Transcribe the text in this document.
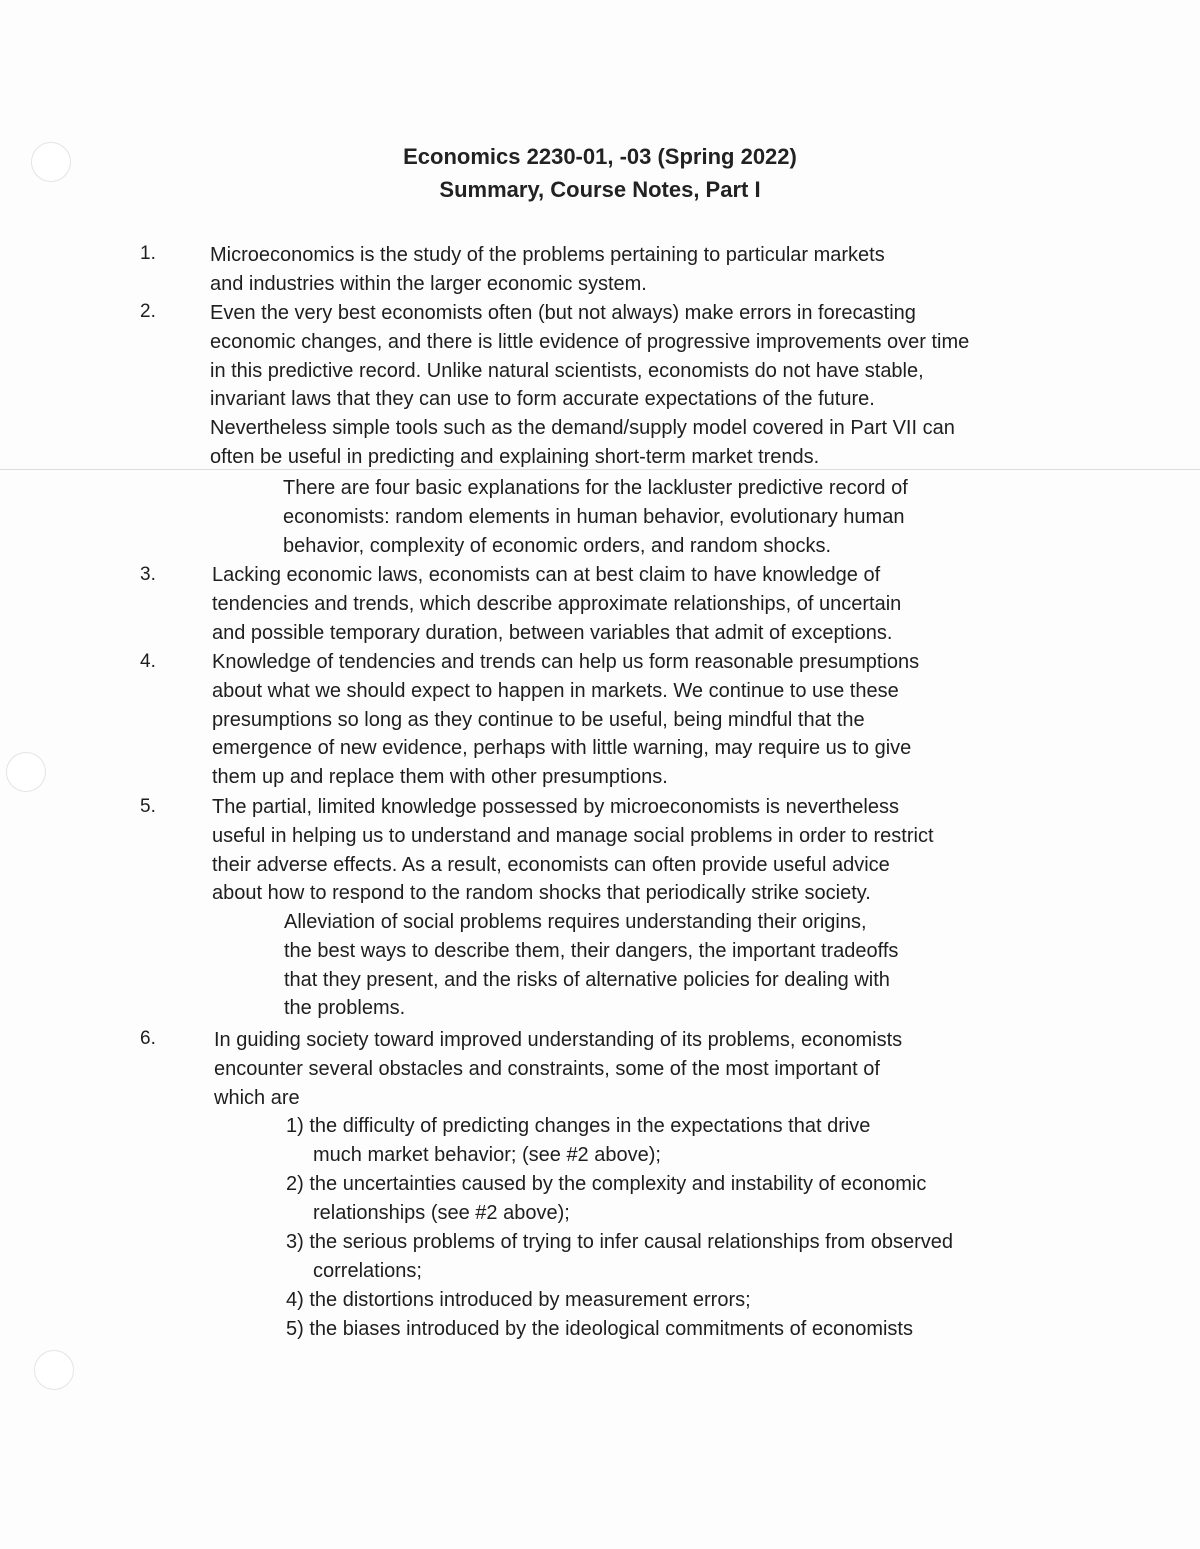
Economics 2230-01, -03 (Spring 2022)
Summary, Course Notes, Part I
1.	Microeconomics is the study of the problems pertaining to particular markets
and industries within the larger economic system.
2.	Even the very best economists often (but not always) make errors in forecasting
economic changes, and there is little evidence of progressive improvements over time
in this predictive record. Unlike natural scientists, economists do not have stable,
invariant laws that they can use to form accurate expectations of the future.
Nevertheless simple tools such as the demand/supply model covered in Part VII can
often be useful in predicting and explaining short-term market trends.
There are four basic explanations for the lackluster predictive record of
economists: random elements in human behavior, evolutionary human
behavior, complexity of economic orders, and random shocks.
3.	Lacking economic laws, economists can at best claim to have knowledge of
tendencies and trends, which describe approximate relationships, of uncertain
and possible temporary duration, between variables that admit of exceptions.
4.	Knowledge of tendencies and trends can help us form reasonable presumptions
about what we should expect to happen in markets. We continue to use these
presumptions so long as they continue to be useful, being mindful that the
emergence of new evidence, perhaps with little warning, may require us to give
them up and replace them with other presumptions.
5.	The partial, limited knowledge possessed by microeconomists is nevertheless
useful in helping us to understand and manage social problems in order to restrict
their adverse effects. As a result, economists can often provide useful advice
about how to respond to the random shocks that periodically strike society.
Alleviation of social problems requires understanding their origins,
the best ways to describe them, their dangers, the important tradeoffs
that they present, and the risks of alternative policies for dealing with
the problems.
6.	In guiding society toward improved understanding of its problems, economists
encounter several obstacles and constraints, some of the most important of
which are
1) the difficulty of predicting changes in the expectations that drive
much market behavior; (see #2 above);
2) the uncertainties caused by the complexity and instability of economic
relationships (see #2 above);
3) the serious problems of trying to infer causal relationships from observed
correlations;
4) the distortions introduced by measurement errors;
5) the biases introduced by the ideological commitments of economists
